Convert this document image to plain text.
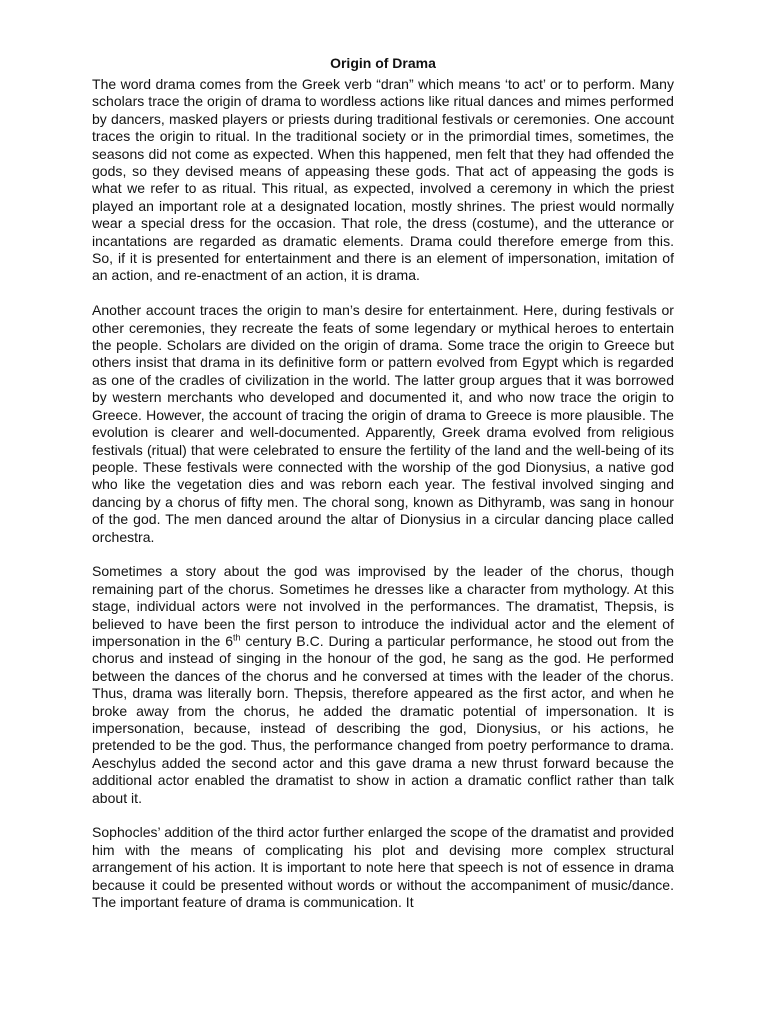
Origin of Drama

The word drama comes from the Greek verb “dran” which means ‘to act’ or to perform. Many scholars trace the origin of drama to wordless actions like ritual dances and mimes performed by dancers, masked players or priests during traditional festivals or ceremonies. One account traces the origin to ritual. In the traditional society or in the primordial times, sometimes, the seasons did not come as expected. When this happened, men felt that they had offended the gods, so they devised means of appeasing these gods. That act of appeasing the gods is what we refer to as ritual. This ritual, as expected, involved a ceremony in which the priest played an important role at a designated location, mostly shrines. The priest would normally wear a special dress for the occasion. That role, the dress (costume), and the utterance or incantations are regarded as dramatic elements. Drama could therefore emerge from this. So, if it is presented for entertainment and there is an element of impersonation, imitation of an action, and re-enactment of an action, it is drama.

Another account traces the origin to man’s desire for entertainment. Here, during festivals or other ceremonies, they recreate the feats of some legendary or mythical heroes to entertain the people. Scholars are divided on the origin of drama. Some trace the origin to Greece but others insist that drama in its definitive form or pattern evolved from Egypt which is regarded as one of the cradles of civilization in the world. The latter group argues that it was borrowed by western merchants who developed and documented it, and who now trace the origin to Greece. However, the account of tracing the origin of drama to Greece is more plausible. The evolution is clearer and well-documented. Apparently, Greek drama evolved from religious festivals (ritual) that were celebrated to ensure the fertility of the land and the well-being of its people. These festivals were connected with the worship of the god Dionysius, a native god who like the vegetation dies and was reborn each year. The festival involved singing and dancing by a chorus of fifty men. The choral song, known as Dithyramb, was sang in honour of the god. The men danced around the altar of Dionysius in a circular dancing place called orchestra.

Sometimes a story about the god was improvised by the leader of the chorus, though remaining part of the chorus. Sometimes he dresses like a character from mythology. At this stage, individual actors were not involved in the performances. The dramatist, Thepsis, is believed to have been the first person to introduce the individual actor and the element of impersonation in the 6th century B.C. During a particular performance, he stood out from the chorus and instead of singing in the honour of the god, he sang as the god. He performed between the dances of the chorus and he conversed at times with the leader of the chorus. Thus, drama was literally born. Thepsis, therefore appeared as the first actor, and when he broke away from the chorus, he added the dramatic potential of impersonation. It is impersonation, because, instead of describing the god, Dionysius, or his actions, he pretended to be the god. Thus, the performance changed from poetry performance to drama. Aeschylus added the second actor and this gave drama a new thrust forward because the additional actor enabled the dramatist to show in action a dramatic conflict rather than talk about it.

Sophocles’ addition of the third actor further enlarged the scope of the dramatist and provided him with the means of complicating his plot and devising more complex structural arrangement of his action. It is important to note here that speech is not of essence in drama because it could be presented without words or without the accompaniment of music/dance. The important feature of drama is communication. It
